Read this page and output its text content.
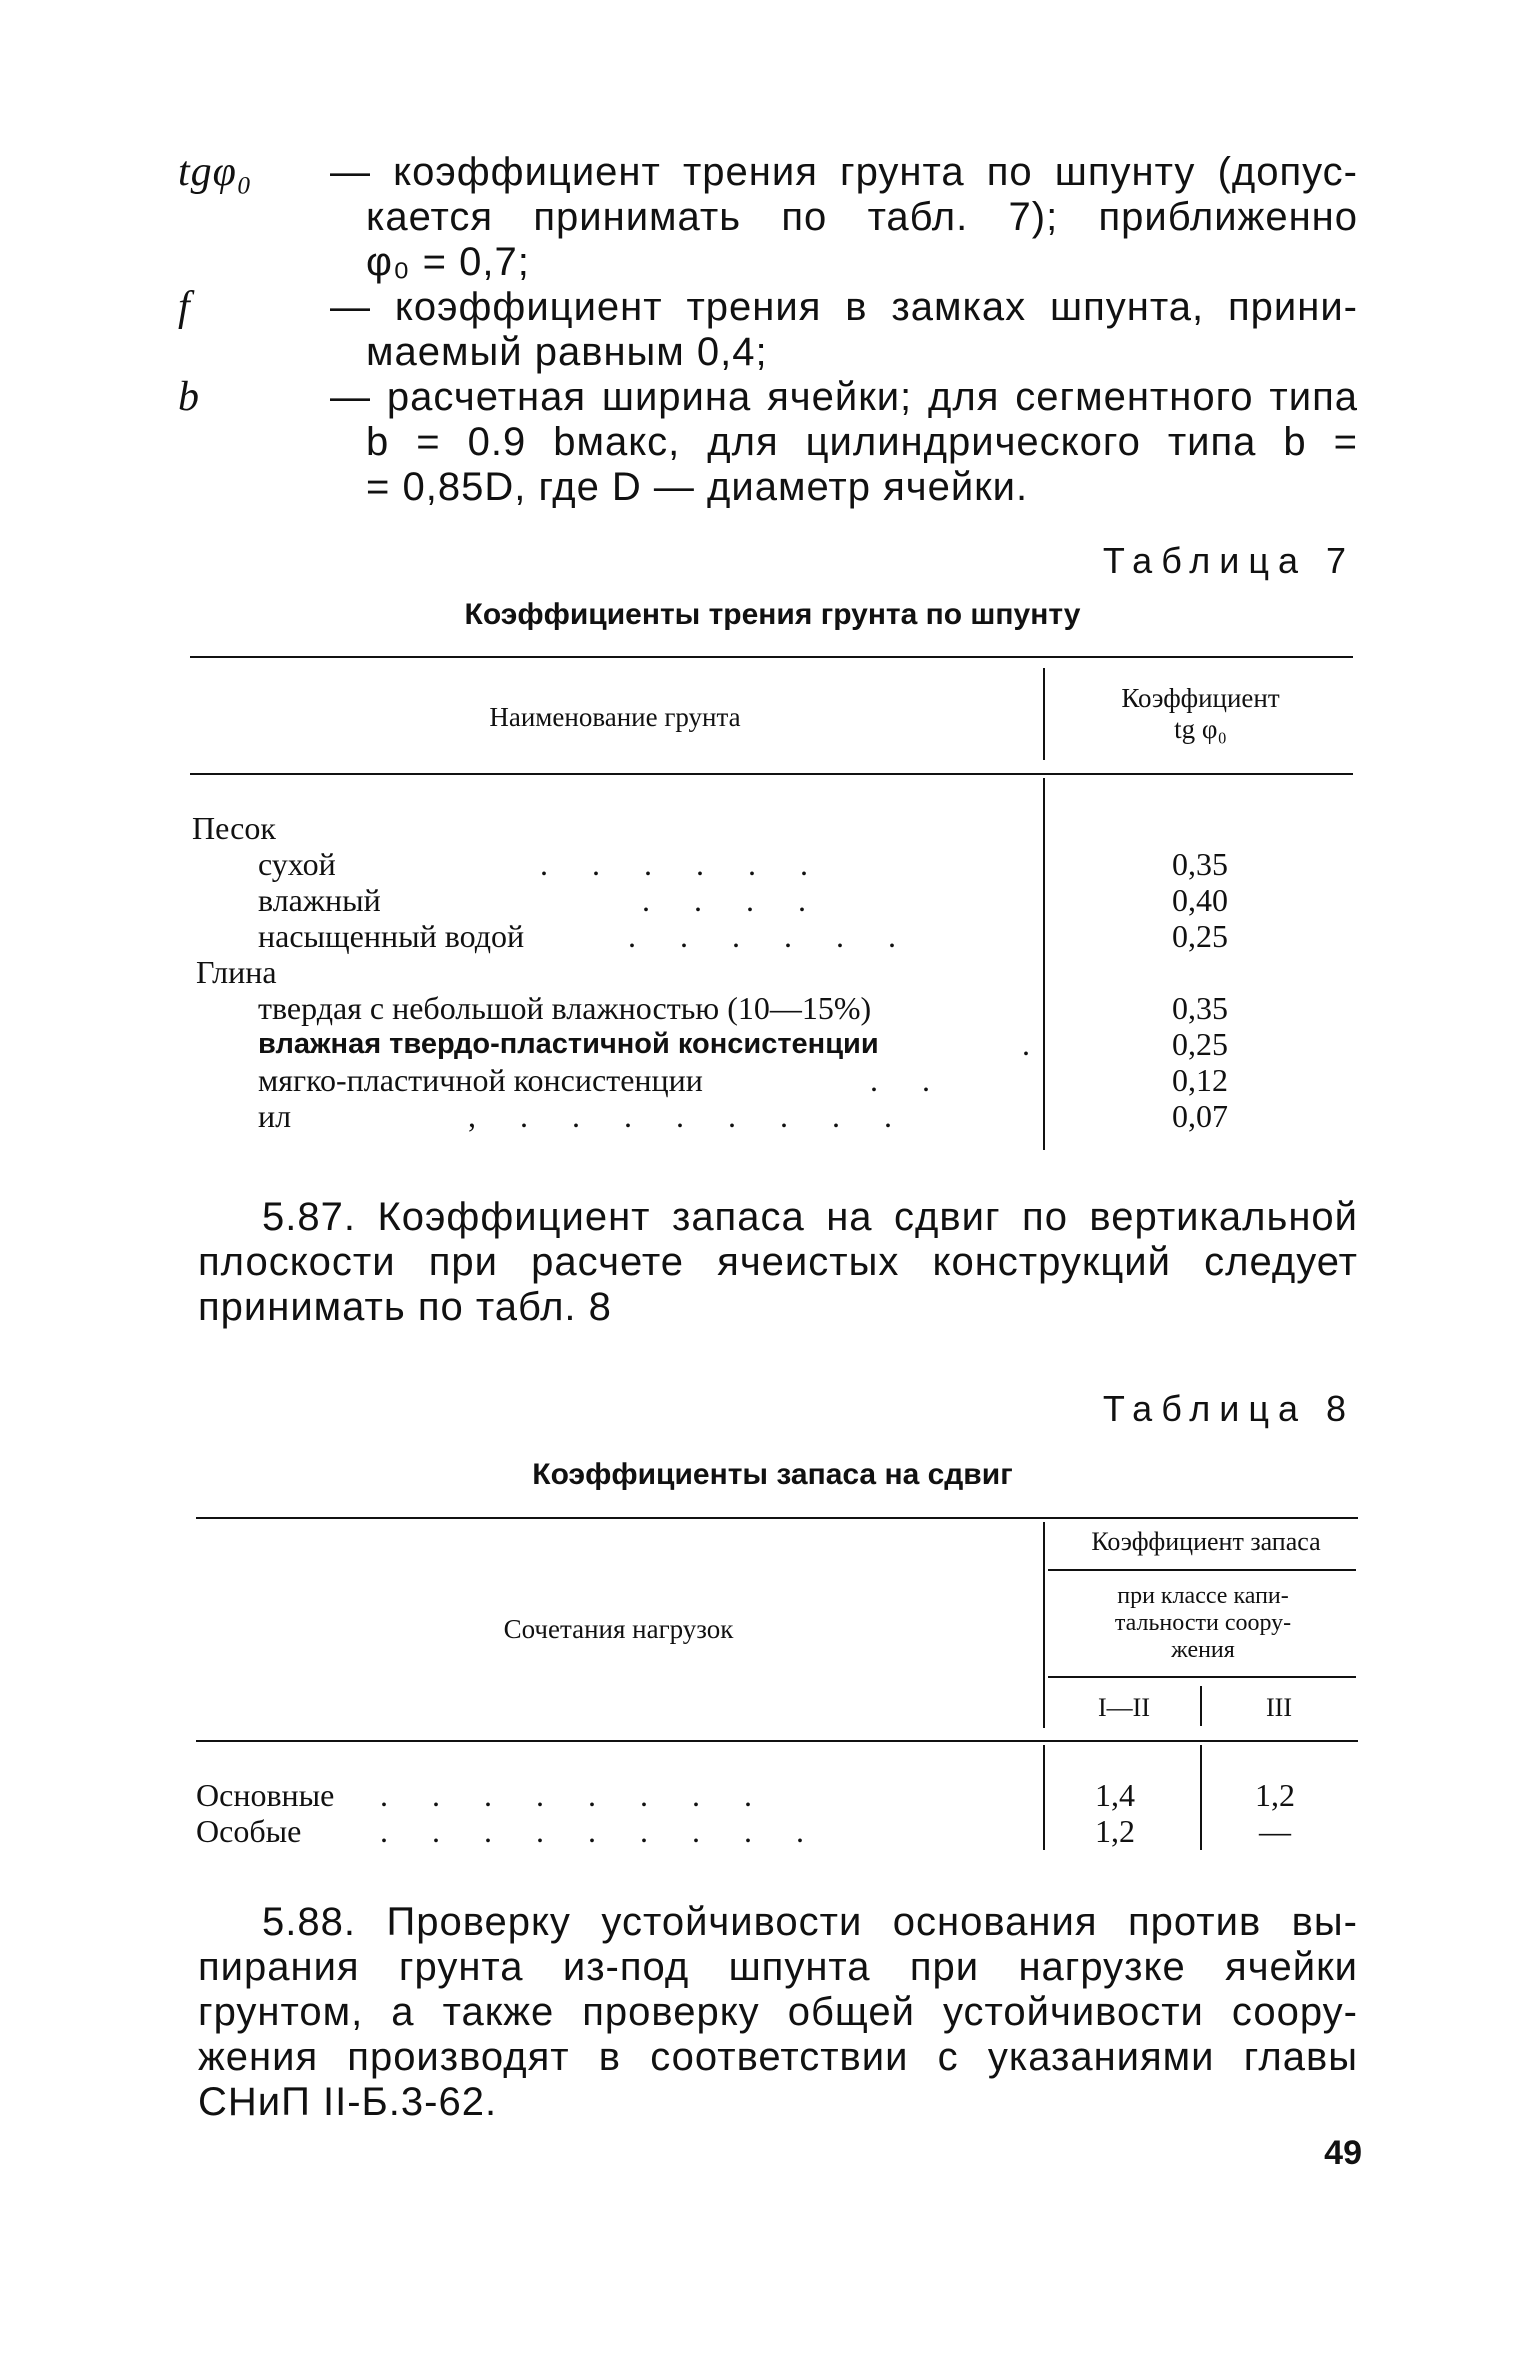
tgφ₀	— коэффициент трения грунта по шпунту (допус-
кается принимать по табл. 7); приближенно
φ₀ = 0,7;
f	— коэффициент трения в замках шпунта, прини-
маемый равным 0,4;
b	— расчетная ширина ячейки; для сегментного типа
b = 0.9 bмакс, для цилиндрического типа b =
= 0,85D, где D — диаметр ячейки.
Таблица 7
Коэффициенты трения грунта по шпунту
Наименование грунта
Коэффициент
tg φ₀
Песок
сухой	. . . . . .	0,35
влажный	. . . .	0,40
насыщенный водой	. . . . . .	0,25
Глина
твердая с небольшой влажностью (10—15%)	0,35
влажная твердо-пластичной консистенции	.	0,25
мягко-пластичной консистенции	. .	0,12
ил	, . . . . . . . .	0,07
5.87. Коэффициент запаса на сдвиг по вертикальной
плоскости при расчете ячеистых конструкций следует
принимать по табл. 8
Таблица 8
Коэффициенты запаса на сдвиг
Сочетания нагрузок
Коэффициент запаса
при классе капи-
тальности соору-
жения
I—II	III
Основные . . . . . . . .	1,4	1,2
Особые . . . . . . . . .	1,2	—
5.88. Проверку устойчивости основания против вы-
пирания грунта из-под шпунта при нагрузке ячейки
грунтом, а также проверку общей устойчивости соору-
жения производят в соответствии с указаниями главы
СНиП II-Б.3-62.
49
